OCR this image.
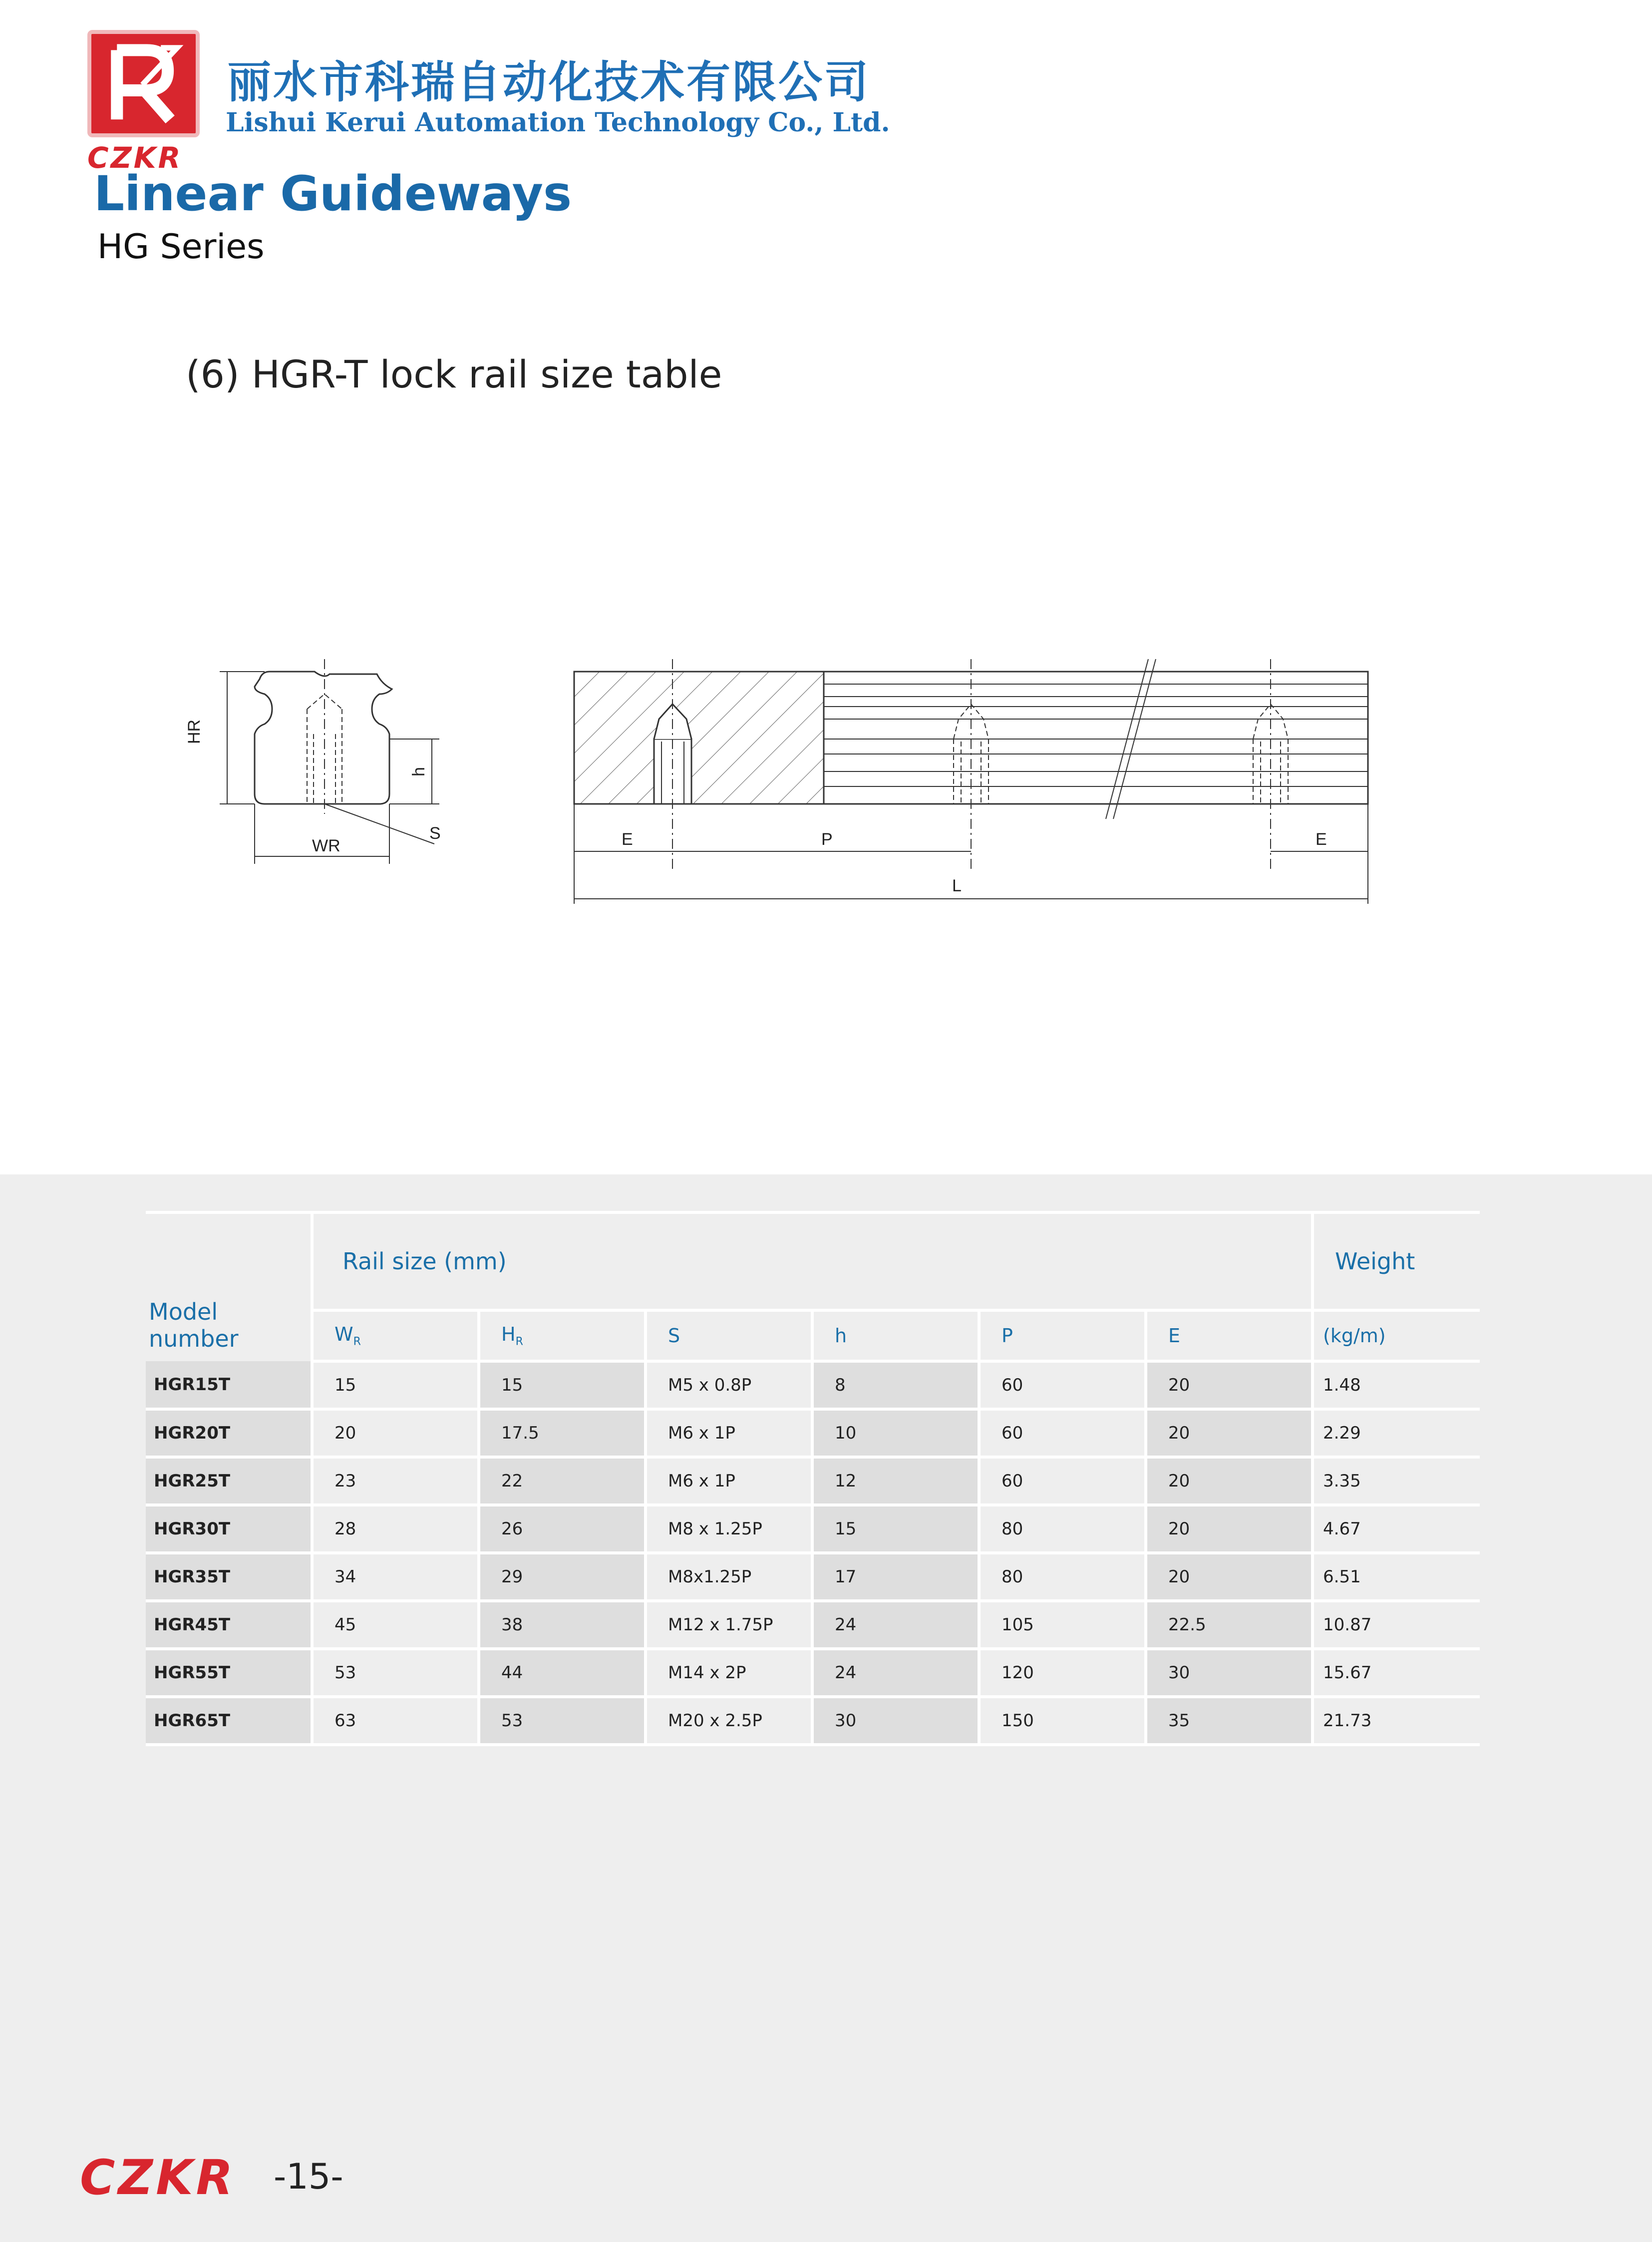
CZKR
丽水市科瑞自动化技术有限公司
Lishui Kerui Automation Technology Co., Ltd.
Linear Guideways
HG Series
(6) HGR-T lock rail size table
HR
h
WR
S	E	P	E
L
Model number	Rail size (mm)						Weight
	$W_R$	$H_R$	S	h	P	E	(kg/m)
HGR15T	15	15	M5 x 0.8P	8	60	20	1.48
HGR20T	20	17.5	M6 x 1P	10	60	20	2.29
HGR25T	23	22	M6 x 1P	12	60	20	3.35
HGR30T	28	26	M8 x 1.25P	15	80	20	4.67
HGR35T	34	29	M8x1.25P	17	80	20	6.51
HGR45T	45	38	M12 x 1.75P	24	105	22.5	10.87
HGR55T	53	44	M14 x 2P	24	120	30	15.67
HGR65T	63	53	M20 x 2.5P	30	150	35	21.73
CZKR -15-
